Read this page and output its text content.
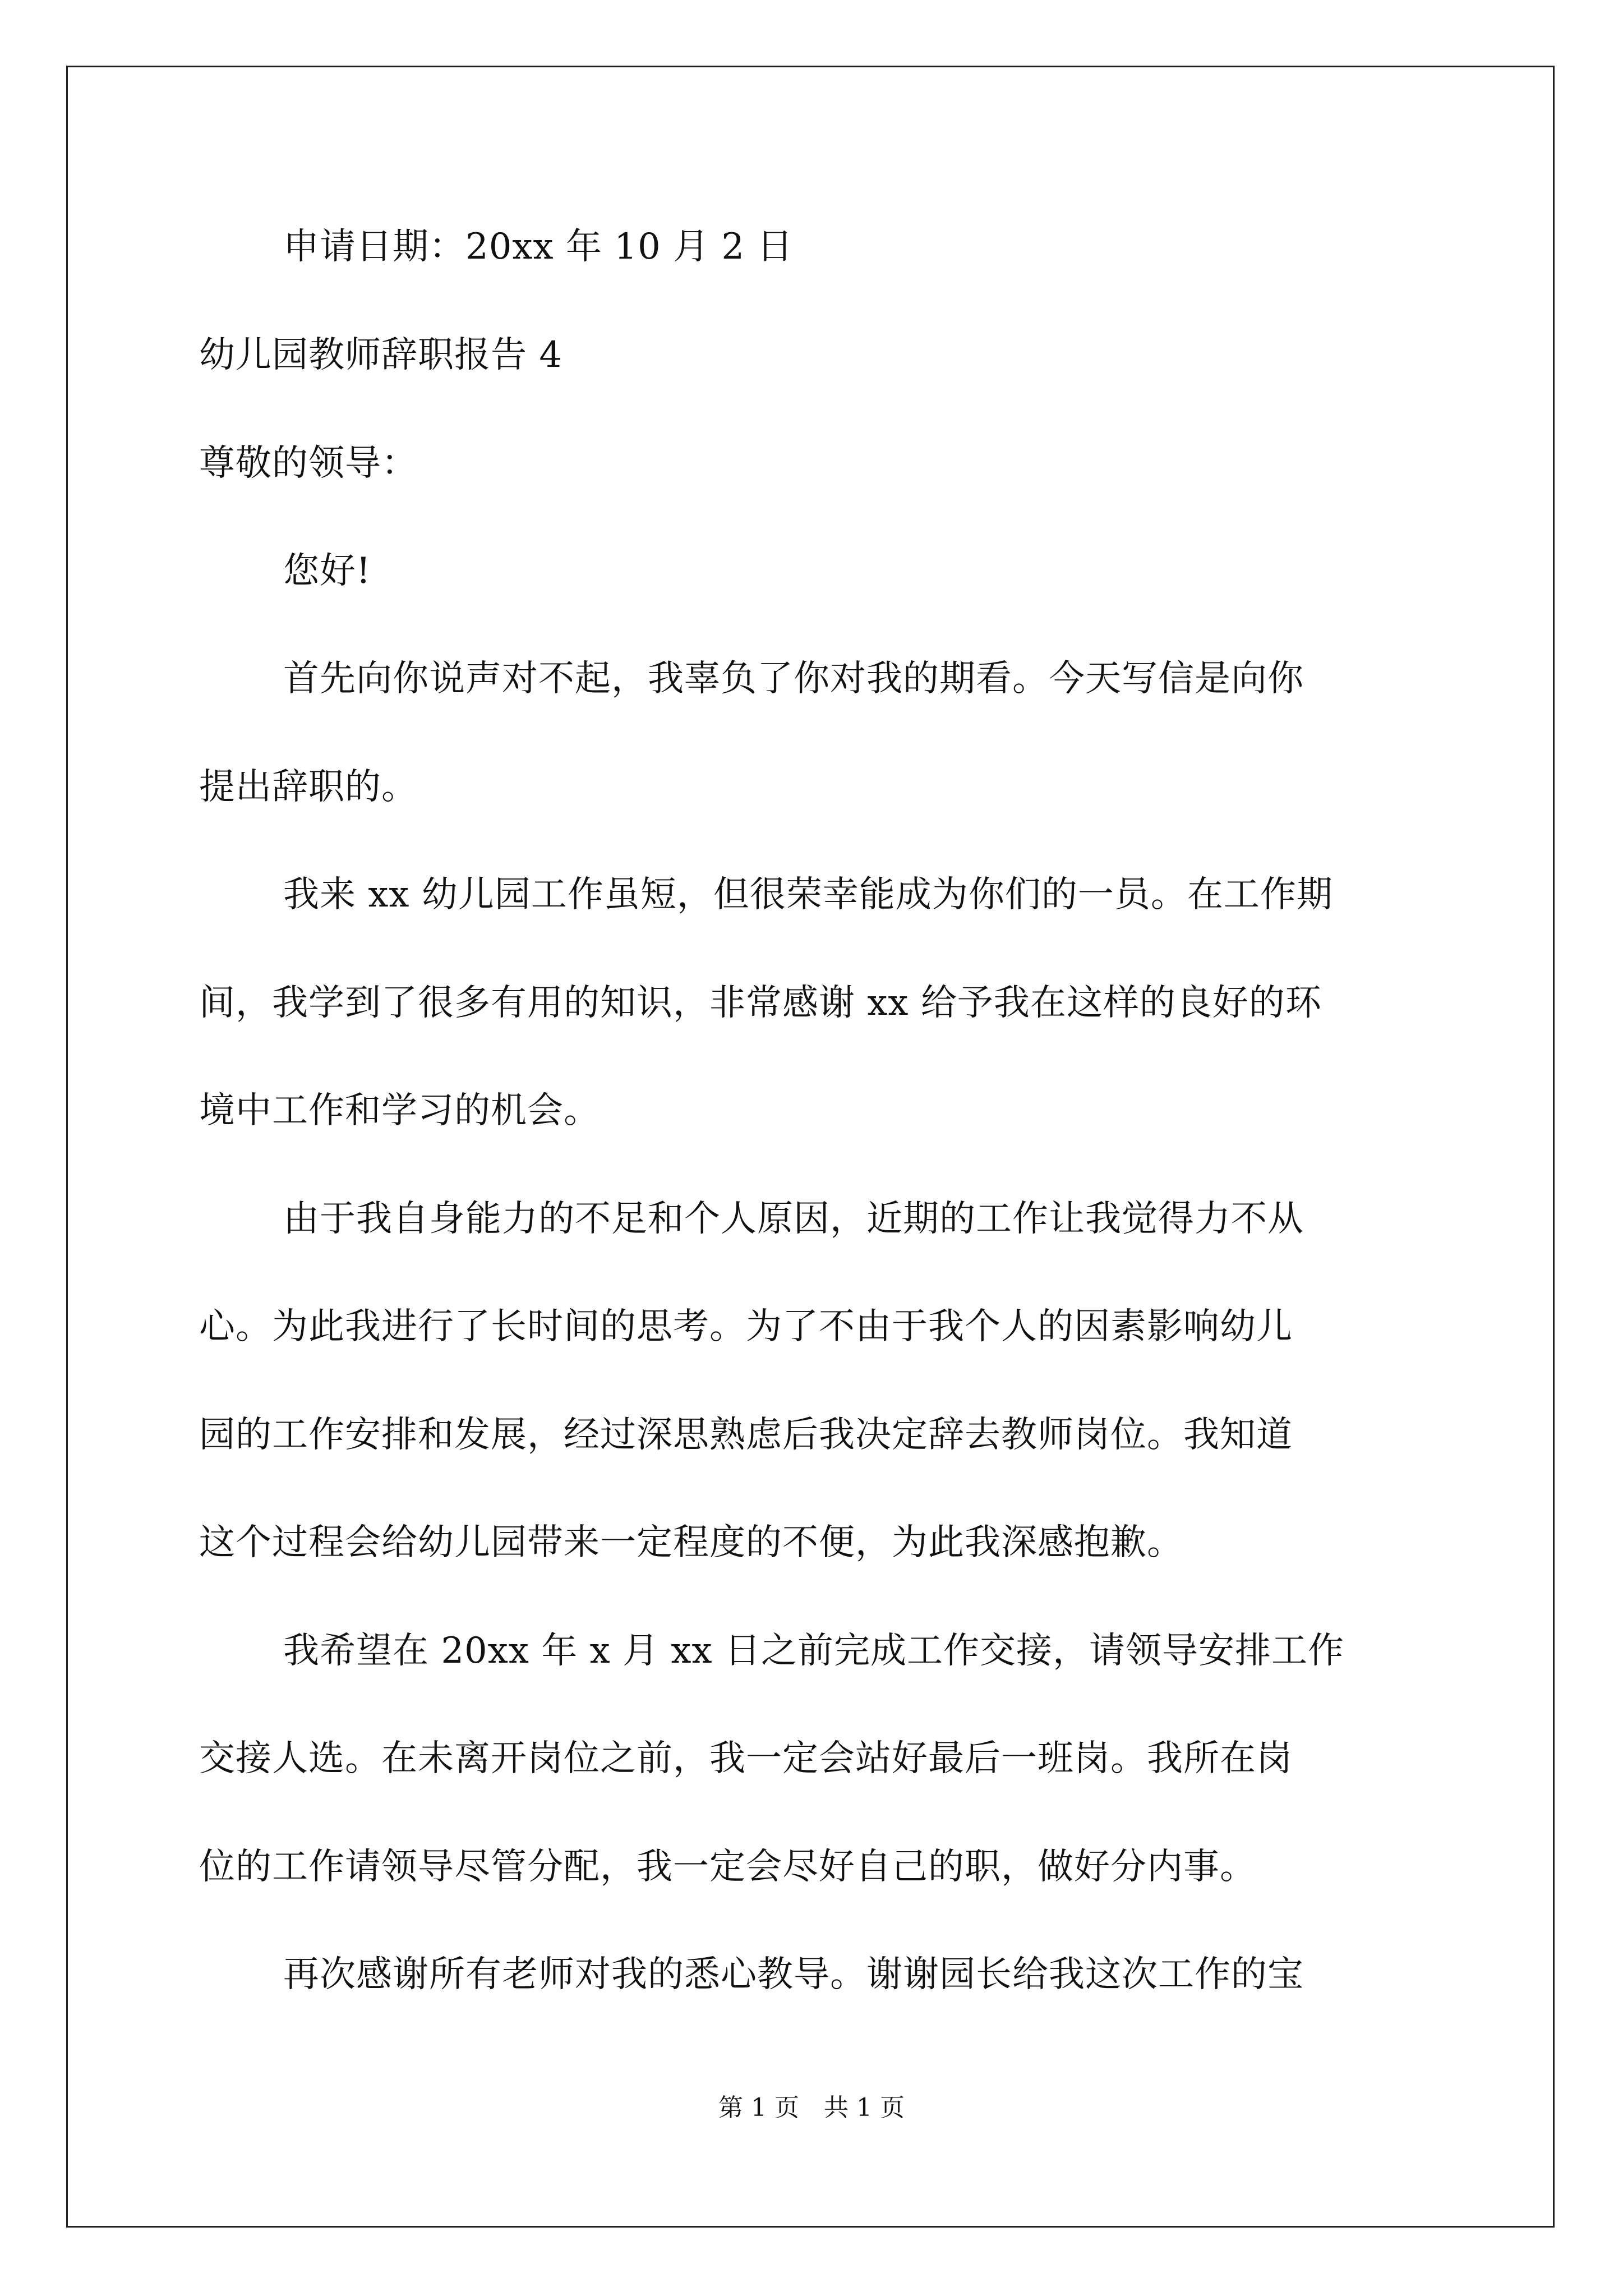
申请日期：20xx 年 10 月 2 日
幼儿园教师辞职报告 4
尊敬的领导：
您好!
首先向你说声对不起，我辜负了你对我的期看。今天写信是向你
提出辞职的。
我来 xx 幼儿园工作虽短，但很荣幸能成为你们的一员。在工作期
间，我学到了很多有用的知识，非常感谢 xx 给予我在这样的良好的环
境中工作和学习的机会。
由于我自身能力的不足和个人原因，近期的工作让我觉得力不从
心。为此我进行了长时间的思考。为了不由于我个人的因素影响幼儿
园的工作安排和发展，经过深思熟虑后我决定辞去教师岗位。我知道
这个过程会给幼儿园带来一定程度的不便，为此我深感抱歉。
我希望在 20xx 年 x 月 xx 日之前完成工作交接，请领导安排工作
交接人选。在未离开岗位之前，我一定会站好最后一班岗。我所在岗
位的工作请领导尽管分配，我一定会尽好自己的职，做好分内事。
再次感谢所有老师对我的悉心教导。谢谢园长给我这次工作的宝
第 1 页　共 1 页
